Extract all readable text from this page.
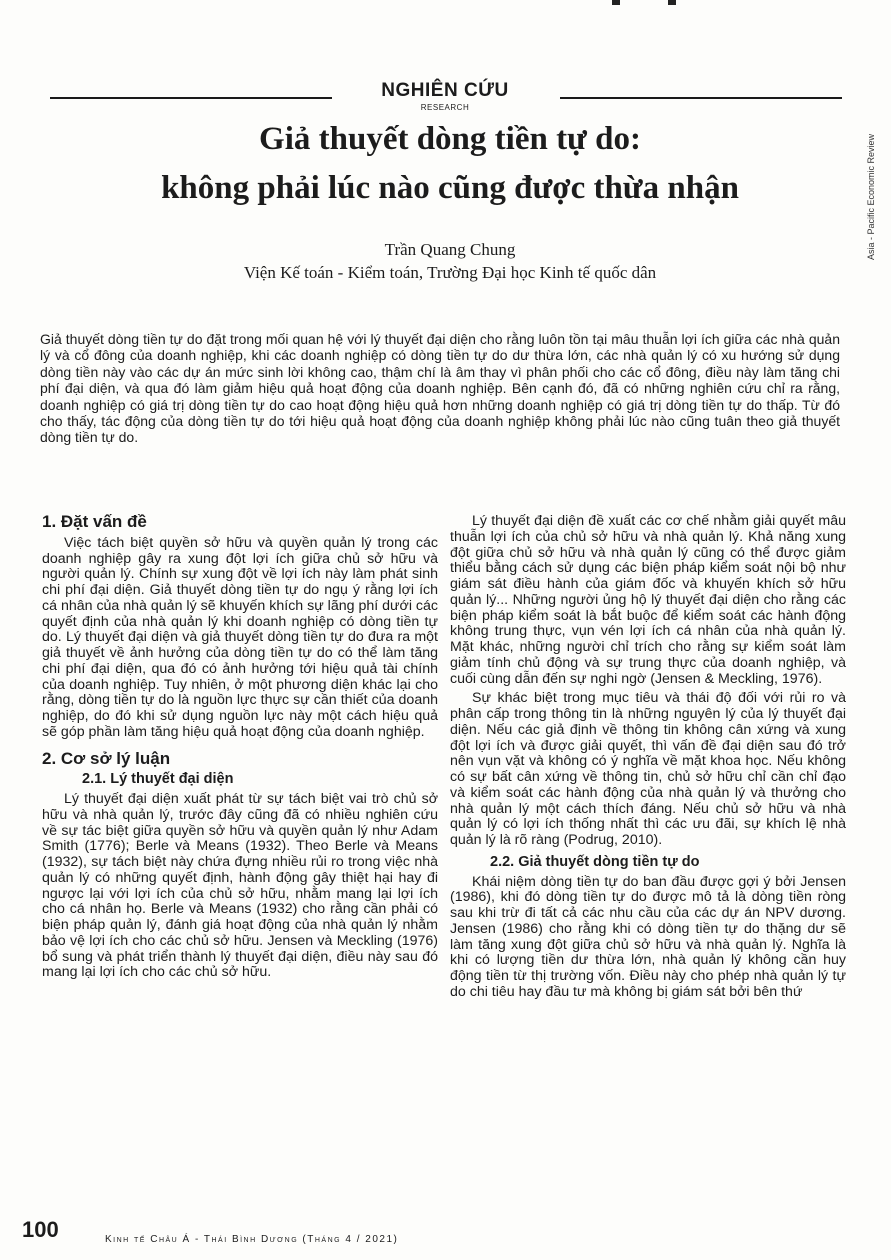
NGHIÊN CỨU
RESEARCH
Asia - Pacific Economic Review
Giả thuyết dòng tiền tự do:
không phải lúc nào cũng được thừa nhận
Trần Quang Chung
Viện Kế toán - Kiểm toán, Trường Đại học Kinh tế quốc dân

Giả thuyết dòng tiền tự do đặt trong mối quan hệ với lý thuyết đại diện cho rằng luôn tồn tại mâu thuẫn lợi ích giữa các nhà quản lý và cổ đông của doanh nghiệp, khi các doanh nghiệp có dòng tiền tự do dư thừa lớn, các nhà quản lý có xu hướng sử dụng dòng tiền này vào các dự án mức sinh lời không cao, thậm chí là âm thay vì phân phối cho các cổ đông, điều này làm tăng chi phí đại diện, và qua đó làm giảm hiệu quả hoạt động của doanh nghiệp. Bên cạnh đó, đã có những nghiên cứu chỉ ra rằng, doanh nghiệp có giá trị dòng tiền tự do cao hoạt động hiệu quả hơn những doanh nghiệp có giá trị dòng tiền tự do thấp. Từ đó cho thấy, tác động của dòng tiền tự do tới hiệu quả hoạt động của doanh nghiệp không phải lúc nào cũng tuân theo giả thuyết dòng tiền tự do.

1. Đặt vấn đề

Việc tách biệt quyền sở hữu và quyền quản lý trong các doanh nghiệp gây ra xung đột lợi ích giữa chủ sở hữu và người quản lý. Chính sự xung đột về lợi ích này làm phát sinh chi phí đại diện. Giả thuyết dòng tiền tự do ngụ ý rằng lợi ích cá nhân của nhà quản lý sẽ khuyến khích sự lãng phí dưới các quyết định của nhà quản lý khi doanh nghiệp có dòng tiền tự do. Lý thuyết đại diện và giả thuyết dòng tiền tự do đưa ra một giả thuyết về ảnh hưởng của dòng tiền tự do có thể làm tăng chi phí đại diện, qua đó có ảnh hưởng tới hiệu quả tài chính của doanh nghiệp. Tuy nhiên, ở một phương diện khác lại cho rằng, dòng tiền tự do là nguồn lực thực sự cần thiết của doanh nghiệp, do đó khi sử dụng nguồn lực này một cách hiệu quả sẽ góp phần làm tăng hiệu quả hoạt động của doanh nghiệp.

2. Cơ sở lý luận
2.1. Lý thuyết đại diện

Lý thuyết đại diện xuất phát từ sự tách biệt vai trò chủ sở hữu và nhà quản lý, trước đây cũng đã có nhiều nghiên cứu về sự tác biệt giữa quyền sở hữu và quyền quản lý như Adam Smith (1776); Berle và Means (1932). Theo Berle và Means (1932), sự tách biệt này chứa đựng nhiều rủi ro trong việc nhà quản lý có những quyết định, hành động gây thiệt hại hay đi ngược lại với lợi ích của chủ sở hữu, nhằm mang lại lợi ích cho cá nhân họ. Berle và Means (1932) cho rằng cần phải có biện pháp quản lý, đánh giá hoạt động của nhà quản lý nhằm bảo vệ lợi ích cho các chủ sở hữu. Jensen và Meckling (1976) bổ sung và phát triển thành lý thuyết đại diện, điều này sau đó mang lại lợi ích cho các chủ sở hữu.

Lý thuyết đại diện đề xuất các cơ chế nhằm giải quyết mâu thuẫn lợi ích của chủ sở hữu và nhà quản lý. Khả năng xung đột giữa chủ sở hữu và nhà quản lý cũng có thể được giảm thiểu bằng cách sử dụng các biện pháp kiểm soát nội bộ như giám sát điều hành của giám đốc và khuyến khích sở hữu quản lý... Những người ủng hộ lý thuyết đại diện cho rằng các biện pháp kiểm soát là bắt buộc để kiểm soát các hành động không trung thực, vụn vén lợi ích cá nhân của nhà quản lý. Mặt khác, những người chỉ trích cho rằng sự kiểm soát làm giảm tính chủ động và sự trung thực của doanh nghiệp, và cuối cùng dẫn đến sự nghi ngờ (Jensen & Meckling, 1976).

Sự khác biệt trong mục tiêu và thái độ đối với rủi ro và phân cấp trong thông tin là những nguyên lý của lý thuyết đại diện. Nếu các giả định về thông tin không cân xứng và xung đột lợi ích và được giải quyết, thì vấn đề đại diện sau đó trở nên vụn vặt và không có ý nghĩa về mặt khoa học. Nếu không có sự bất cân xứng về thông tin, chủ sở hữu chỉ cần chỉ đạo và kiểm soát các hành động của nhà quản lý và thưởng cho nhà quản lý một cách thích đáng. Nếu chủ sở hữu và nhà quản lý có lợi ích thống nhất thì các ưu đãi, sự khích lệ nhà quản lý là rõ ràng (Podrug, 2010).

2.2. Giả thuyết dòng tiền tự do

Khái niệm dòng tiền tự do ban đầu được gợi ý bởi Jensen (1986), khi đó dòng tiền tự do được mô tả là dòng tiền ròng sau khi trừ đi tất cả các nhu cầu của các dự án NPV dương. Jensen (1986) cho rằng khi có dòng tiền tự do thặng dư sẽ làm tăng xung đột giữa chủ sở hữu và nhà quản lý. Nghĩa là khi có lượng tiền dư thừa lớn, nhà quản lý không cần huy động tiền từ thị trường vốn. Điều này cho phép nhà quản lý tự do chi tiêu hay đầu tư mà không bị giám sát bởi bên thứ

100	Kinh tế Châu Á - Thái Bình Dương (Tháng 4 / 2021)
